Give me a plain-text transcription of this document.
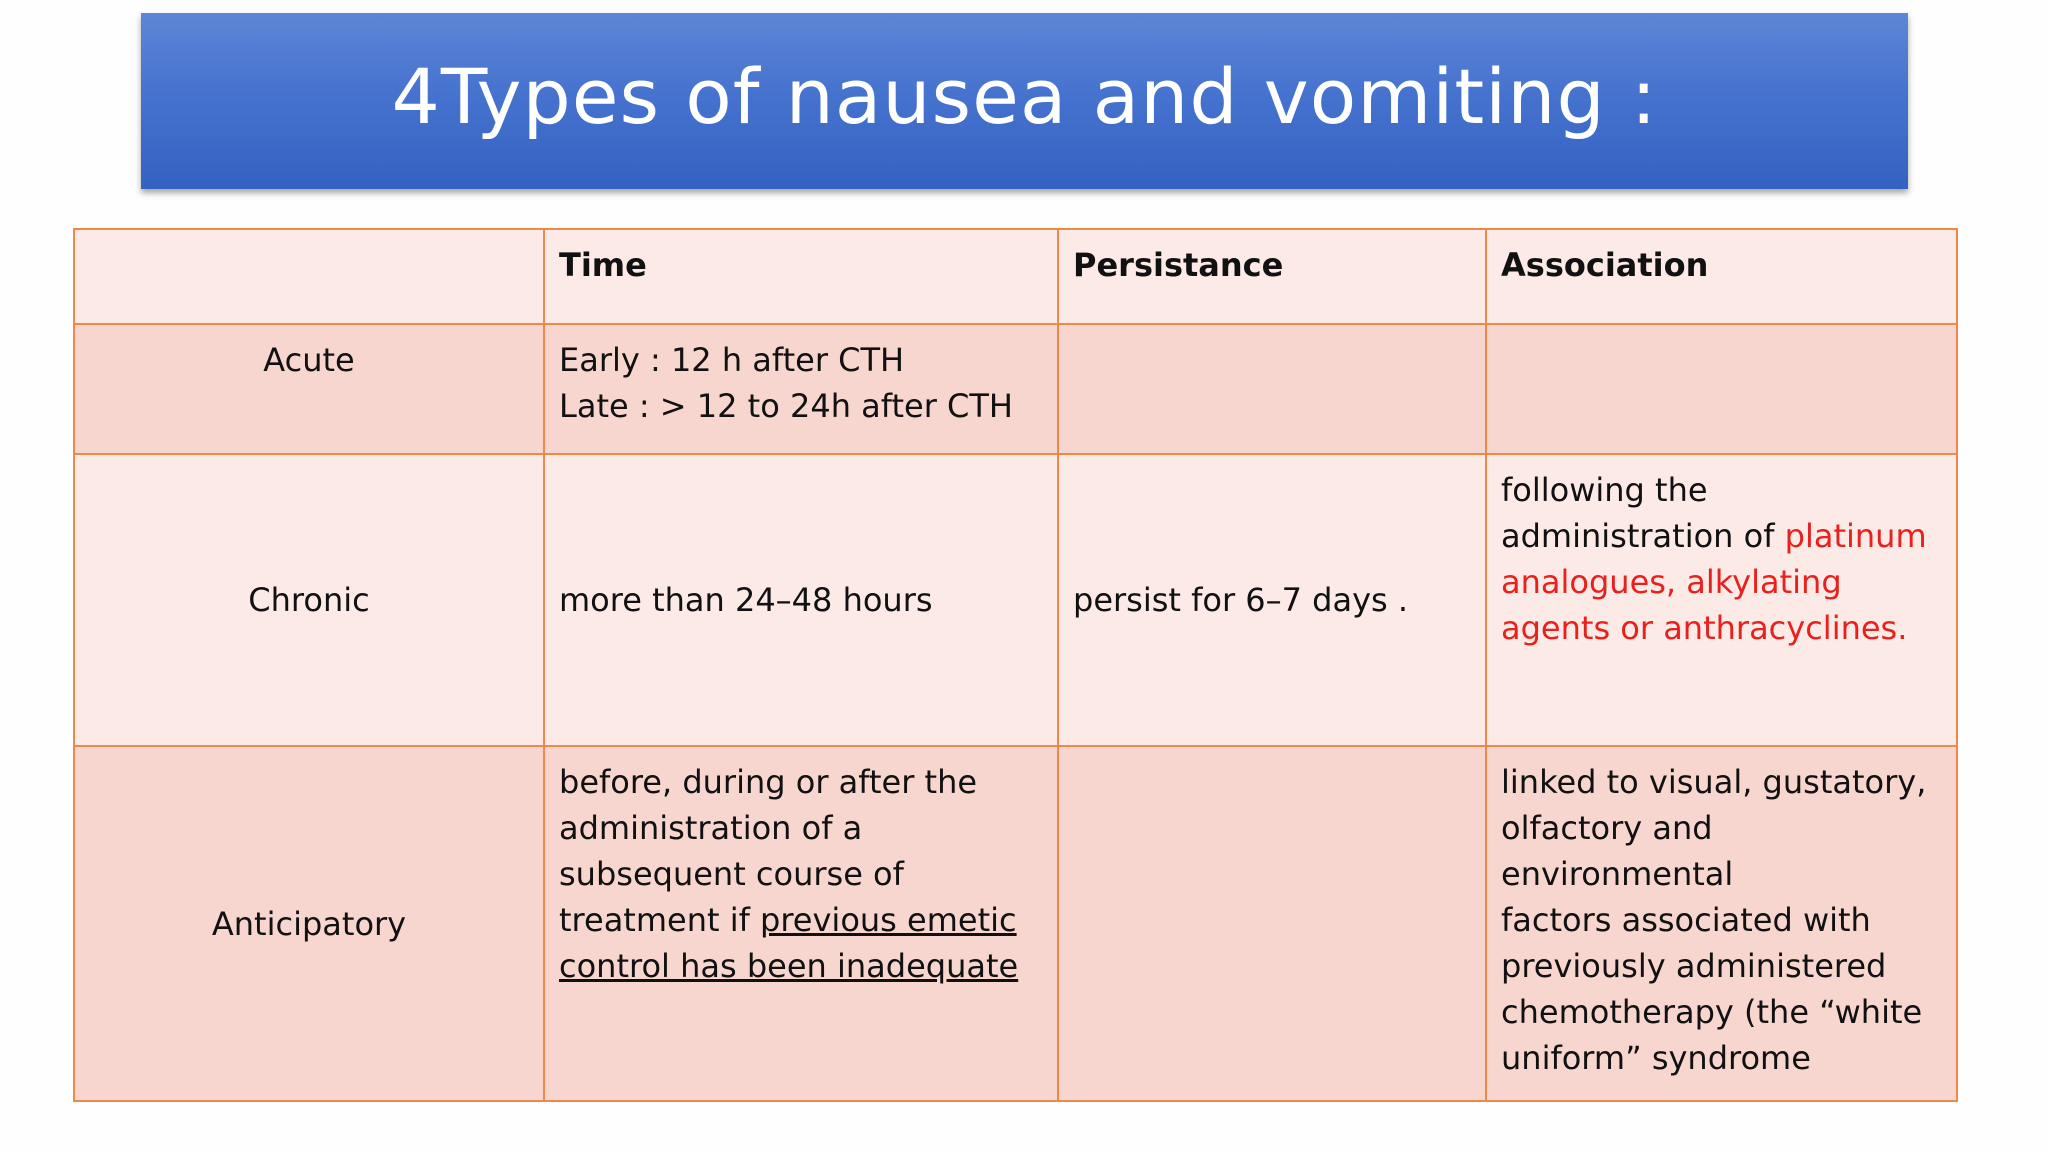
4Types of nausea and vomiting :
	Time	Persistance	Association
Acute	Early : 12 h after CTH
Late : > 12 to 24h after CTH		

Chronic	more than 24–48 hours	persist for 6–7 days .	following the administration of platinum analogues, alkylating agents or anthracyclines.
Anticipatory	before, during or after the administration of a subsequent course of treatment if previous emetic control has been inadequate		linked to visual, gustatory, olfactory and environmental
factors associated with previously administered chemotherapy (the “white uniform” syndrome
